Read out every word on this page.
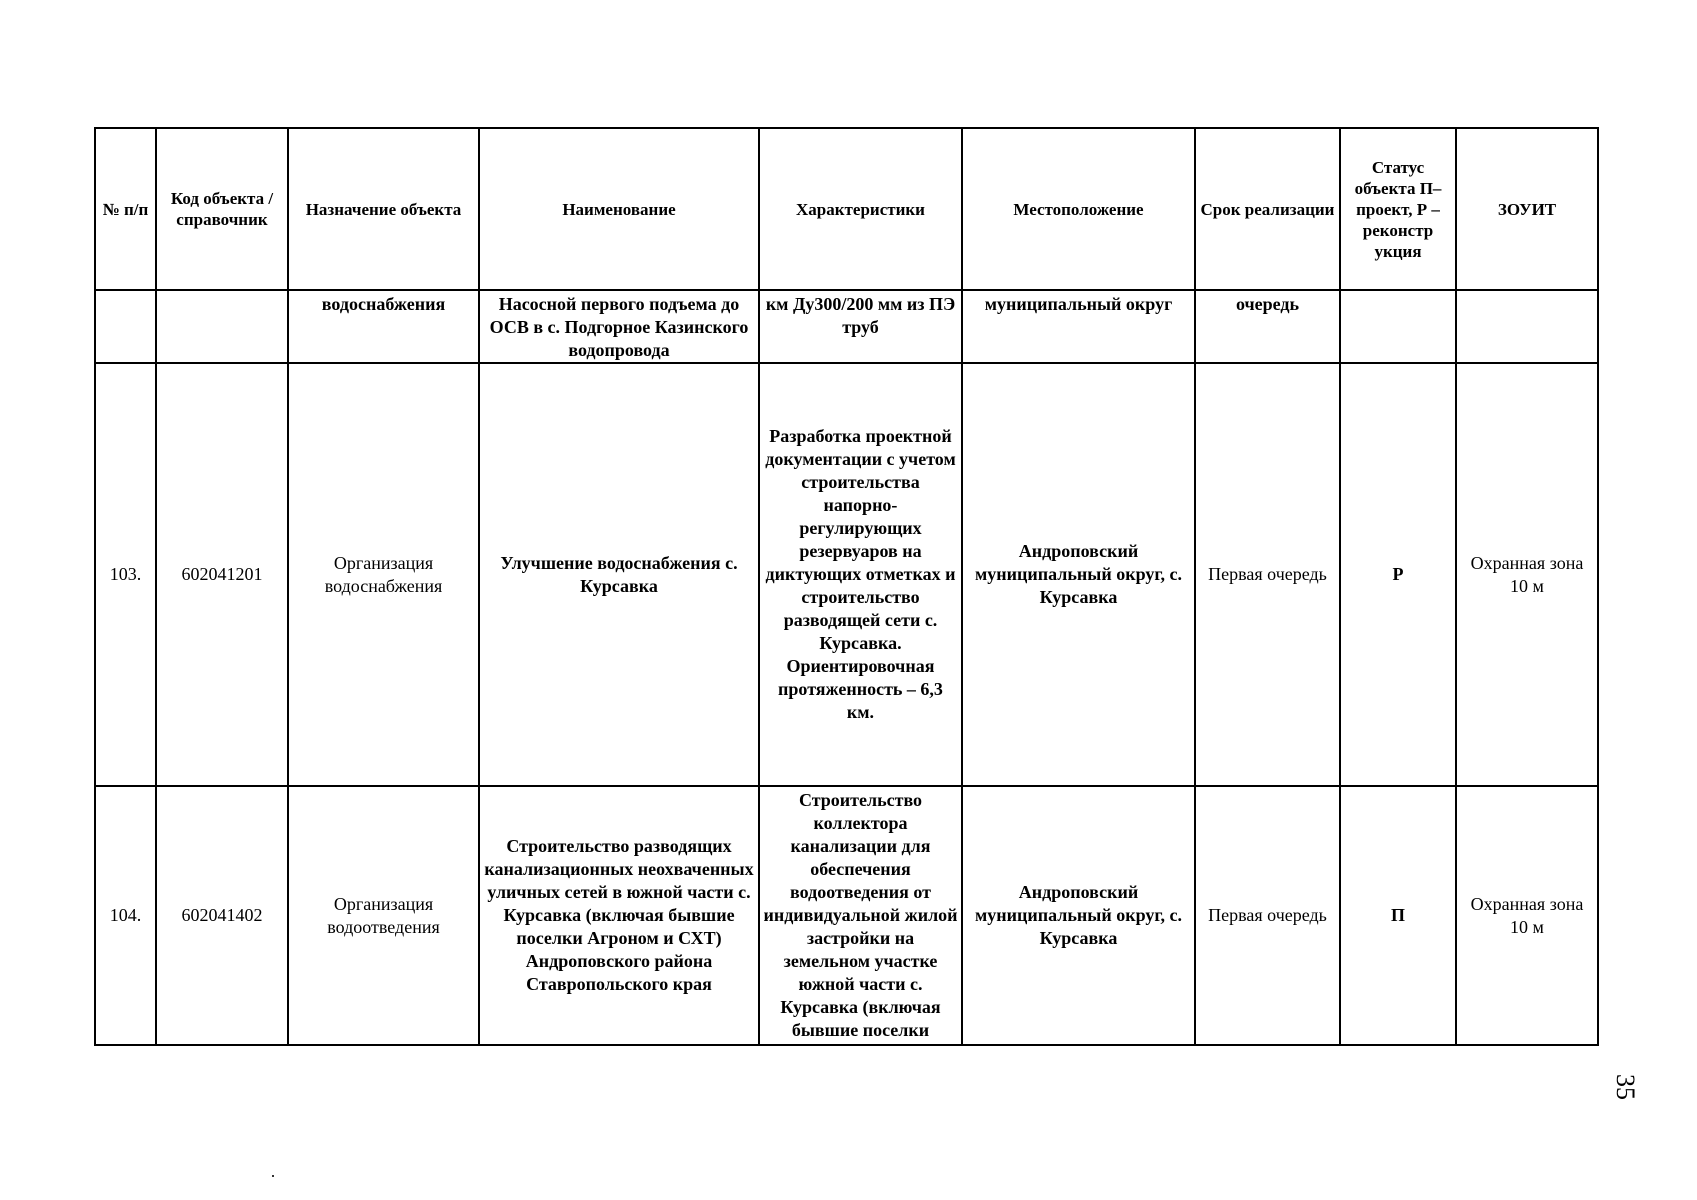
№ п/п	Код объекта / справочник	Назначение объекта	Наименование	Характеристики	Местоположение	Срок реализации	Статус объекта П– проект, Р – реконстр укция	ЗОУИТ
		водоснабжения	Насосной первого подъема до ОСВ в с. Подгорное Казинского водопровода	км Ду300/200 мм из ПЭ труб	муниципальный округ	очередь		
103.	602041201	Организация водоснабжения	Улучшение водоснабжения с. Курсавка	Разработка проектной документации с учетом строительства напорно-регулирующих резервуаров на диктующих отметках и строительство разводящей сети с. Курсавка. Ориентировочная протяженность – 6,3 км.	Андроповский муниципальный округ, с. Курсавка	Первая очередь	Р	Охранная зона 10 м
104.	602041402	Организация водоотведения	Строительство разводящих канализационных неохваченных уличных сетей в южной части с. Курсавка (включая бывшие поселки Агроном и СХТ) Андроповского района Ставропольского края	Строительство коллектора канализации для обеспечения водоотведения от индивидуальной жилой застройки на земельном участке южной части с. Курсавка (включая бывшие поселки	Андроповский муниципальный округ, с. Курсавка	Первая очередь	П	Охранная зона 10 м
35
